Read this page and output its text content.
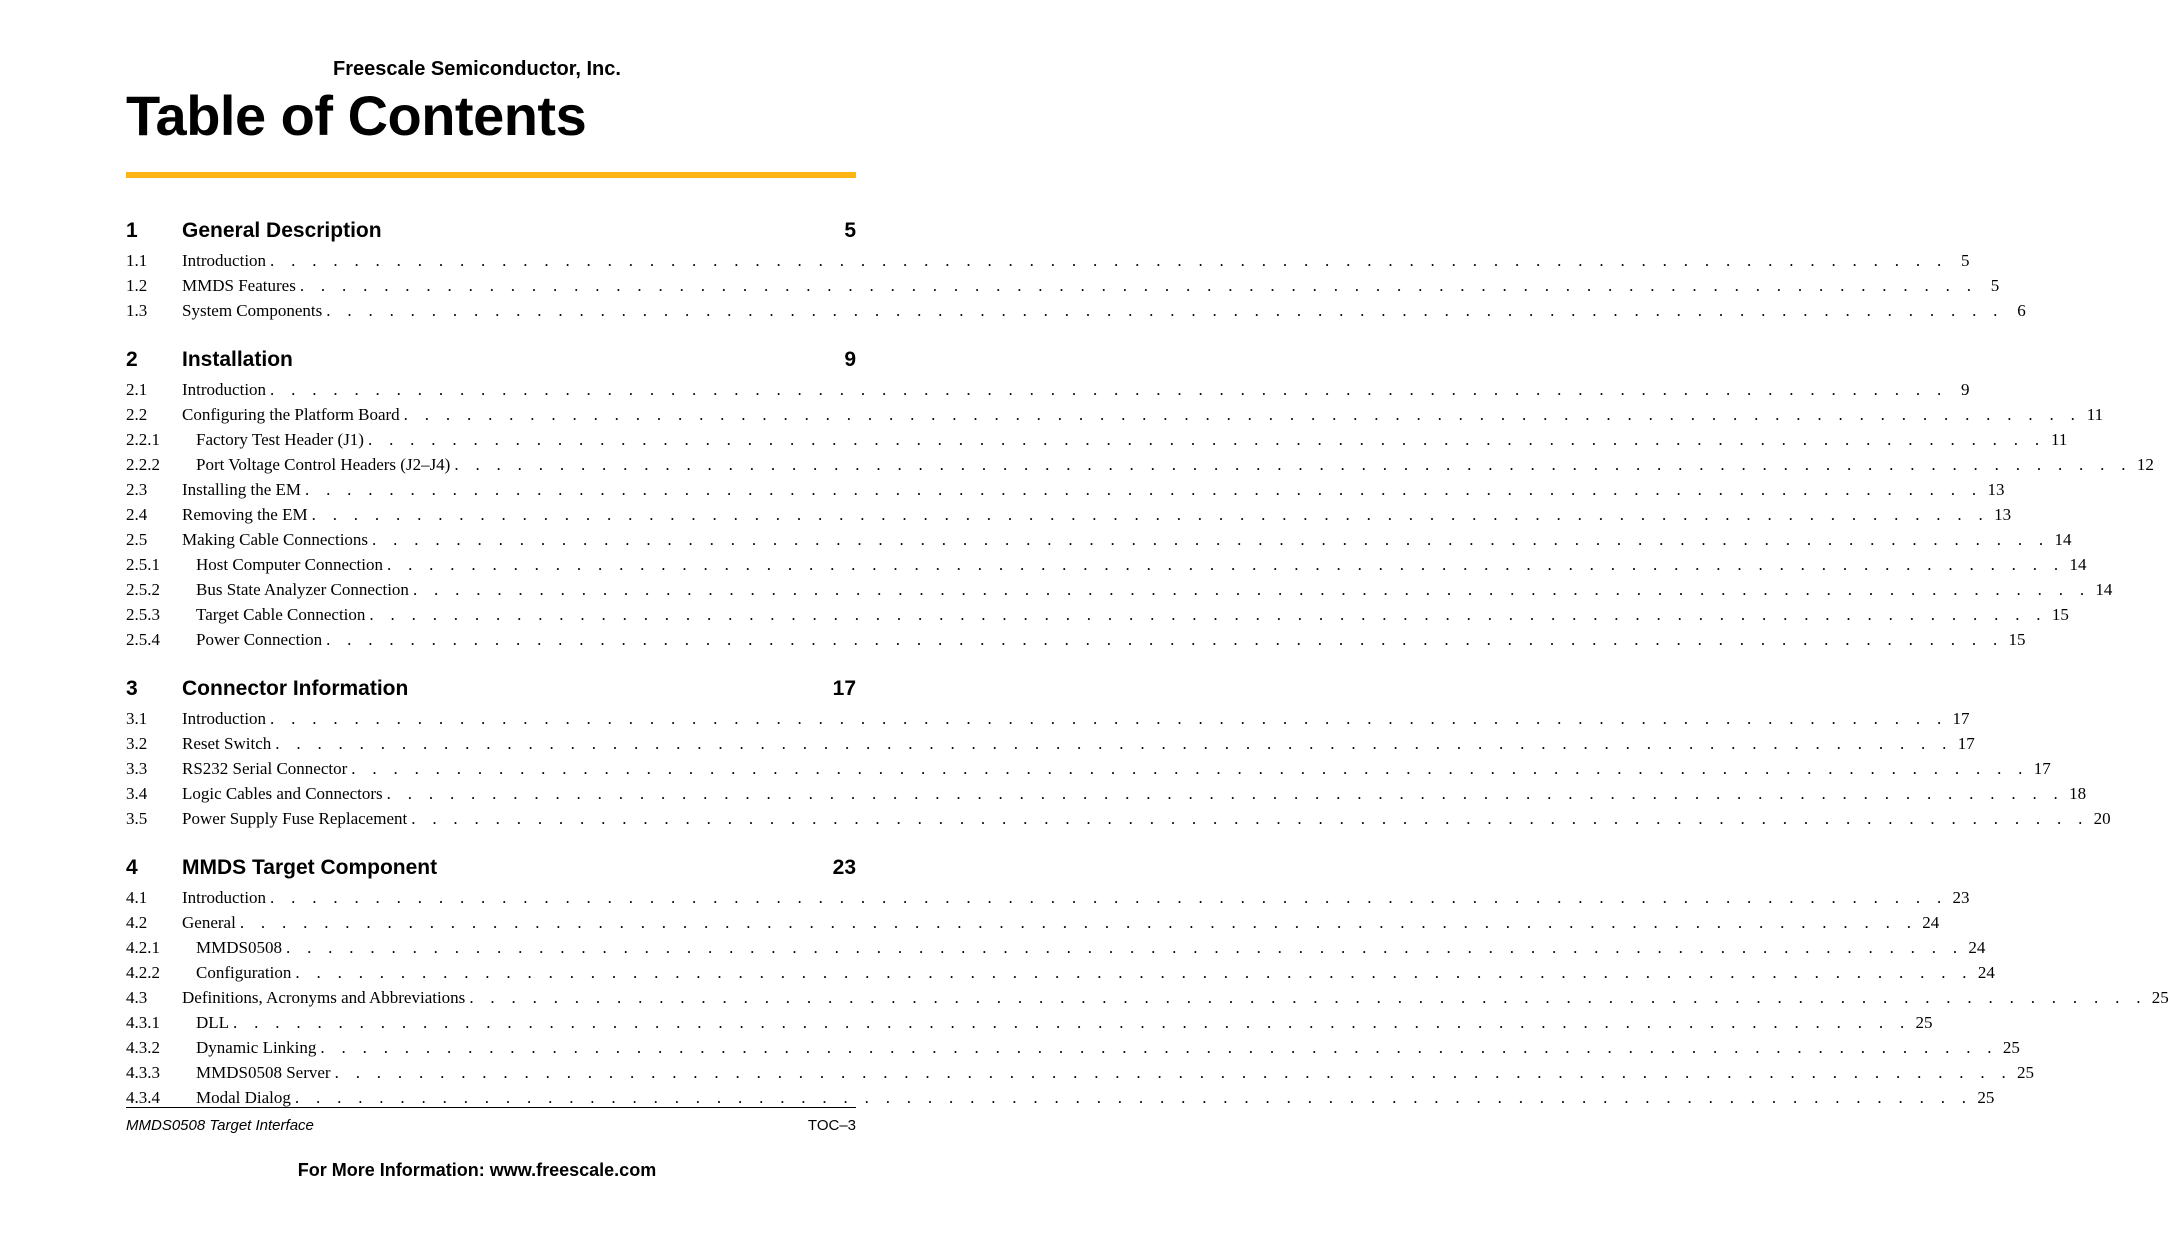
Freescale Semiconductor, Inc.
Table of Contents
1	General Description	5
1.1	Introduction . . . . . . . . . . . . . . . . . . . . . . . . . . . . . . . . . . . . . . . . . . . . . . . . . . . . . . . . . . . . . . . . . . . . . . . . . . . . . . . . 5
1.2	MMDS Features . . . . . . . . . . . . . . . . . . . . . . . . . . . . . . . . . . . . . . . . . . . . . . . . . . . . . . . . . . . . . . . . . . . . . . . . . . . . . . . . 5
1.3	System Components . . . . . . . . . . . . . . . . . . . . . . . . . . . . . . . . . . . . . . . . . . . . . . . . . . . . . . . . . . . . . . . . . . . . . . . . . . . . . . . . 6
2	Installation	9
2.1	Introduction . . . . . . . . . . . . . . . . . . . . . . . . . . . . . . . . . . . . . . . . . . . . . . . . . . . . . . . . . . . . . . . . . . . . . . . . . . . . . . . . 9
2.2	Configuring the Platform Board . . . . . . . . . . . . . . . . . . . . . . . . . . . . . . . . . . . . . . . . . . . . . . . . . . . . . . . . . . . . . . . . . . . . . . . . . . . . . . . . 11
2.2.1	Factory Test Header (J1) . . . . . . . . . . . . . . . . . . . . . . . . . . . . . . . . . . . . . . . . . . . . . . . . . . . . . . . . . . . . . . . . . . . . . . . . . . . . . . . . 11
2.2.2	Port Voltage Control Headers (J2–J4) . . . . . . . . . . . . . . . . . . . . . . . . . . . . . . . . . . . . . . . . . . . . . . . . . . . . . . . . . . . . . . . . . . . . . . . . . . . . . . . . 12
2.3	Installing the EM . . . . . . . . . . . . . . . . . . . . . . . . . . . . . . . . . . . . . . . . . . . . . . . . . . . . . . . . . . . . . . . . . . . . . . . . . . . . . . . . 13
2.4	Removing the EM . . . . . . . . . . . . . . . . . . . . . . . . . . . . . . . . . . . . . . . . . . . . . . . . . . . . . . . . . . . . . . . . . . . . . . . . . . . . . . . . 13
2.5	Making Cable Connections . . . . . . . . . . . . . . . . . . . . . . . . . . . . . . . . . . . . . . . . . . . . . . . . . . . . . . . . . . . . . . . . . . . . . . . . . . . . . . . . 14
2.5.1	Host Computer Connection . . . . . . . . . . . . . . . . . . . . . . . . . . . . . . . . . . . . . . . . . . . . . . . . . . . . . . . . . . . . . . . . . . . . . . . . . . . . . . . . 14
2.5.2	Bus State Analyzer Connection . . . . . . . . . . . . . . . . . . . . . . . . . . . . . . . . . . . . . . . . . . . . . . . . . . . . . . . . . . . . . . . . . . . . . . . . . . . . . . . . 14
2.5.3	Target Cable Connection . . . . . . . . . . . . . . . . . . . . . . . . . . . . . . . . . . . . . . . . . . . . . . . . . . . . . . . . . . . . . . . . . . . . . . . . . . . . . . . . 15
2.5.4	Power Connection . . . . . . . . . . . . . . . . . . . . . . . . . . . . . . . . . . . . . . . . . . . . . . . . . . . . . . . . . . . . . . . . . . . . . . . . . . . . . . . . 15
3	Connector Information	17
3.1	Introduction . . . . . . . . . . . . . . . . . . . . . . . . . . . . . . . . . . . . . . . . . . . . . . . . . . . . . . . . . . . . . . . . . . . . . . . . . . . . . . . . 17
3.2	Reset Switch . . . . . . . . . . . . . . . . . . . . . . . . . . . . . . . . . . . . . . . . . . . . . . . . . . . . . . . . . . . . . . . . . . . . . . . . . . . . . . . . 17
3.3	RS232 Serial Connector . . . . . . . . . . . . . . . . . . . . . . . . . . . . . . . . . . . . . . . . . . . . . . . . . . . . . . . . . . . . . . . . . . . . . . . . . . . . . . . . 17
3.4	Logic Cables and Connectors . . . . . . . . . . . . . . . . . . . . . . . . . . . . . . . . . . . . . . . . . . . . . . . . . . . . . . . . . . . . . . . . . . . . . . . . . . . . . . . . 18
3.5	Power Supply Fuse Replacement . . . . . . . . . . . . . . . . . . . . . . . . . . . . . . . . . . . . . . . . . . . . . . . . . . . . . . . . . . . . . . . . . . . . . . . . . . . . . . . . 20
4	MMDS Target Component	23
4.1	Introduction . . . . . . . . . . . . . . . . . . . . . . . . . . . . . . . . . . . . . . . . . . . . . . . . . . . . . . . . . . . . . . . . . . . . . . . . . . . . . . . . 23
4.2	General . . . . . . . . . . . . . . . . . . . . . . . . . . . . . . . . . . . . . . . . . . . . . . . . . . . . . . . . . . . . . . . . . . . . . . . . . . . . . . . . 24
4.2.1	MMDS0508 . . . . . . . . . . . . . . . . . . . . . . . . . . . . . . . . . . . . . . . . . . . . . . . . . . . . . . . . . . . . . . . . . . . . . . . . . . . . . . . . 24
4.2.2	Configuration . . . . . . . . . . . . . . . . . . . . . . . . . . . . . . . . . . . . . . . . . . . . . . . . . . . . . . . . . . . . . . . . . . . . . . . . . . . . . . . . 24
4.3	Definitions, Acronyms and Abbreviations . . . . . . . . . . . . . . . . . . . . . . . . . . . . . . . . . . . . . . . . . . . . . . . . . . . . . . . . . . . . . . . . . . . . . . . . . . . . . . . . 25
4.3.1	DLL . . . . . . . . . . . . . . . . . . . . . . . . . . . . . . . . . . . . . . . . . . . . . . . . . . . . . . . . . . . . . . . . . . . . . . . . . . . . . . . . 25
4.3.2	Dynamic Linking . . . . . . . . . . . . . . . . . . . . . . . . . . . . . . . . . . . . . . . . . . . . . . . . . . . . . . . . . . . . . . . . . . . . . . . . . . . . . . . . 25
4.3.3	MMDS0508 Server . . . . . . . . . . . . . . . . . . . . . . . . . . . . . . . . . . . . . . . . . . . . . . . . . . . . . . . . . . . . . . . . . . . . . . . . . . . . . . . . 25
4.3.4	Modal Dialog . . . . . . . . . . . . . . . . . . . . . . . . . . . . . . . . . . . . . . . . . . . . . . . . . . . . . . . . . . . . . . . . . . . . . . . . . . . . . . . . 25
MMDS0508 Target Interface	TOC–3
For More Information: www.freescale.com
